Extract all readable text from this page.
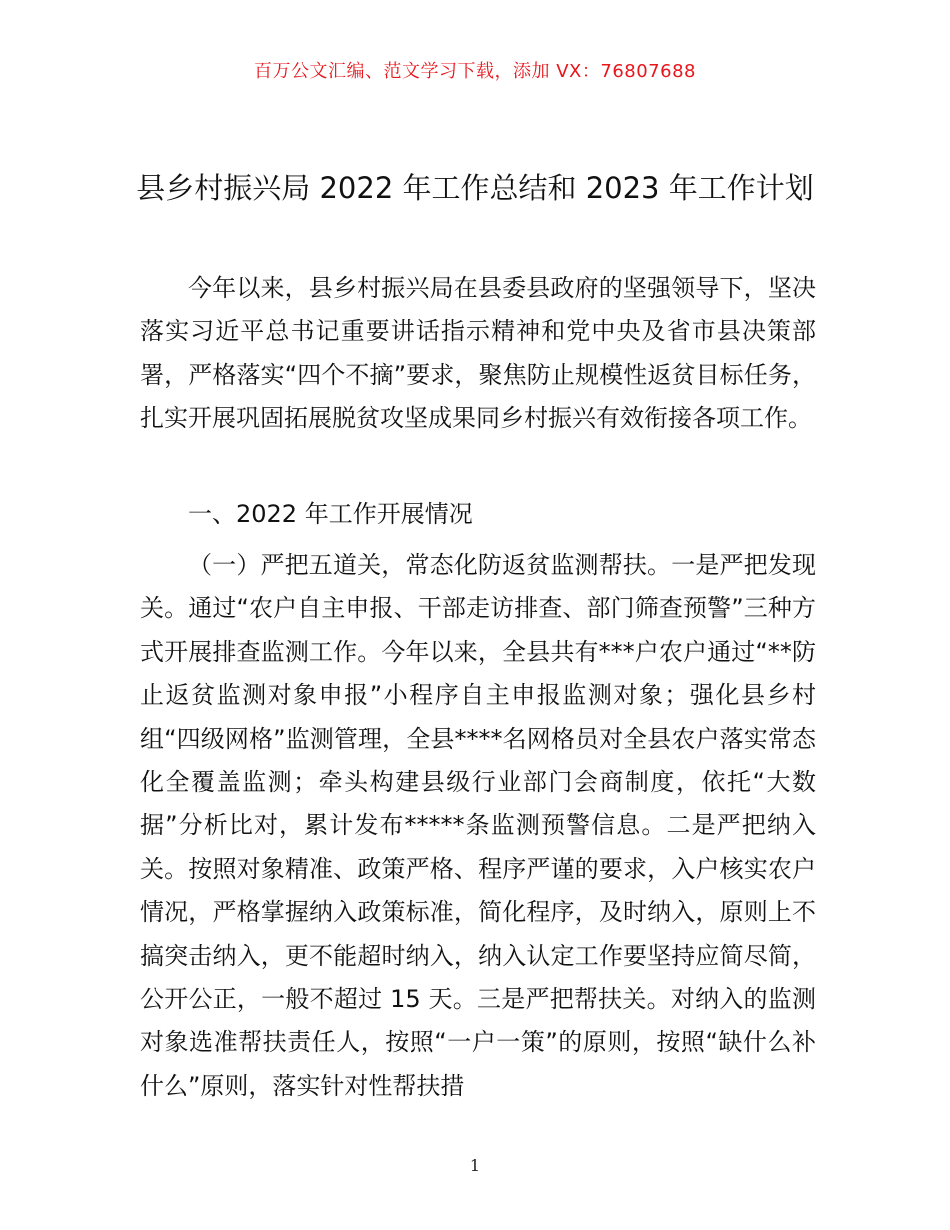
百万公文汇编、范文学习下载，添加 VX：76807688
县乡村振兴局 2022 年工作总结和 2023 年工作计划

今年以来，县乡村振兴局在县委县政府的坚强领导下，坚决落实习近平总书记重要讲话指示精神和党中央及省市县决策部署，严格落实“四个不摘”要求，聚焦防止规模性返贫目标任务，扎实开展巩固拓展脱贫攻坚成果同乡村振兴有效衔接各项工作。

一、2022 年工作开展情况

（一）严把五道关，常态化防返贫监测帮扶。一是严把发现关。通过“农户自主申报、干部走访排查、部门筛查预警”三种方式开展排查监测工作。今年以来，全县共有***户农户通过“**防止返贫监测对象申报”小程序自主申报监测对象；强化县乡村组“四级网格”监测管理，全县****名网格员对全县农户落实常态化全覆盖监测；牵头构建县级行业部门会商制度，依托“大数据”分析比对，累计发布*****条监测预警信息。二是严把纳入关。按照对象精准、政策严格、程序严谨的要求，入户核实农户情况，严格掌握纳入政策标准，简化程序，及时纳入，原则上不搞突击纳入，更不能超时纳入，纳入认定工作要坚持应简尽简，公开公正，一般不超过 15 天。三是严把帮扶关。对纳入的监测对象选准帮扶责任人，按照“一户一策”的原则，按照“缺什么补什么”原则，落实针对性帮扶措

1
